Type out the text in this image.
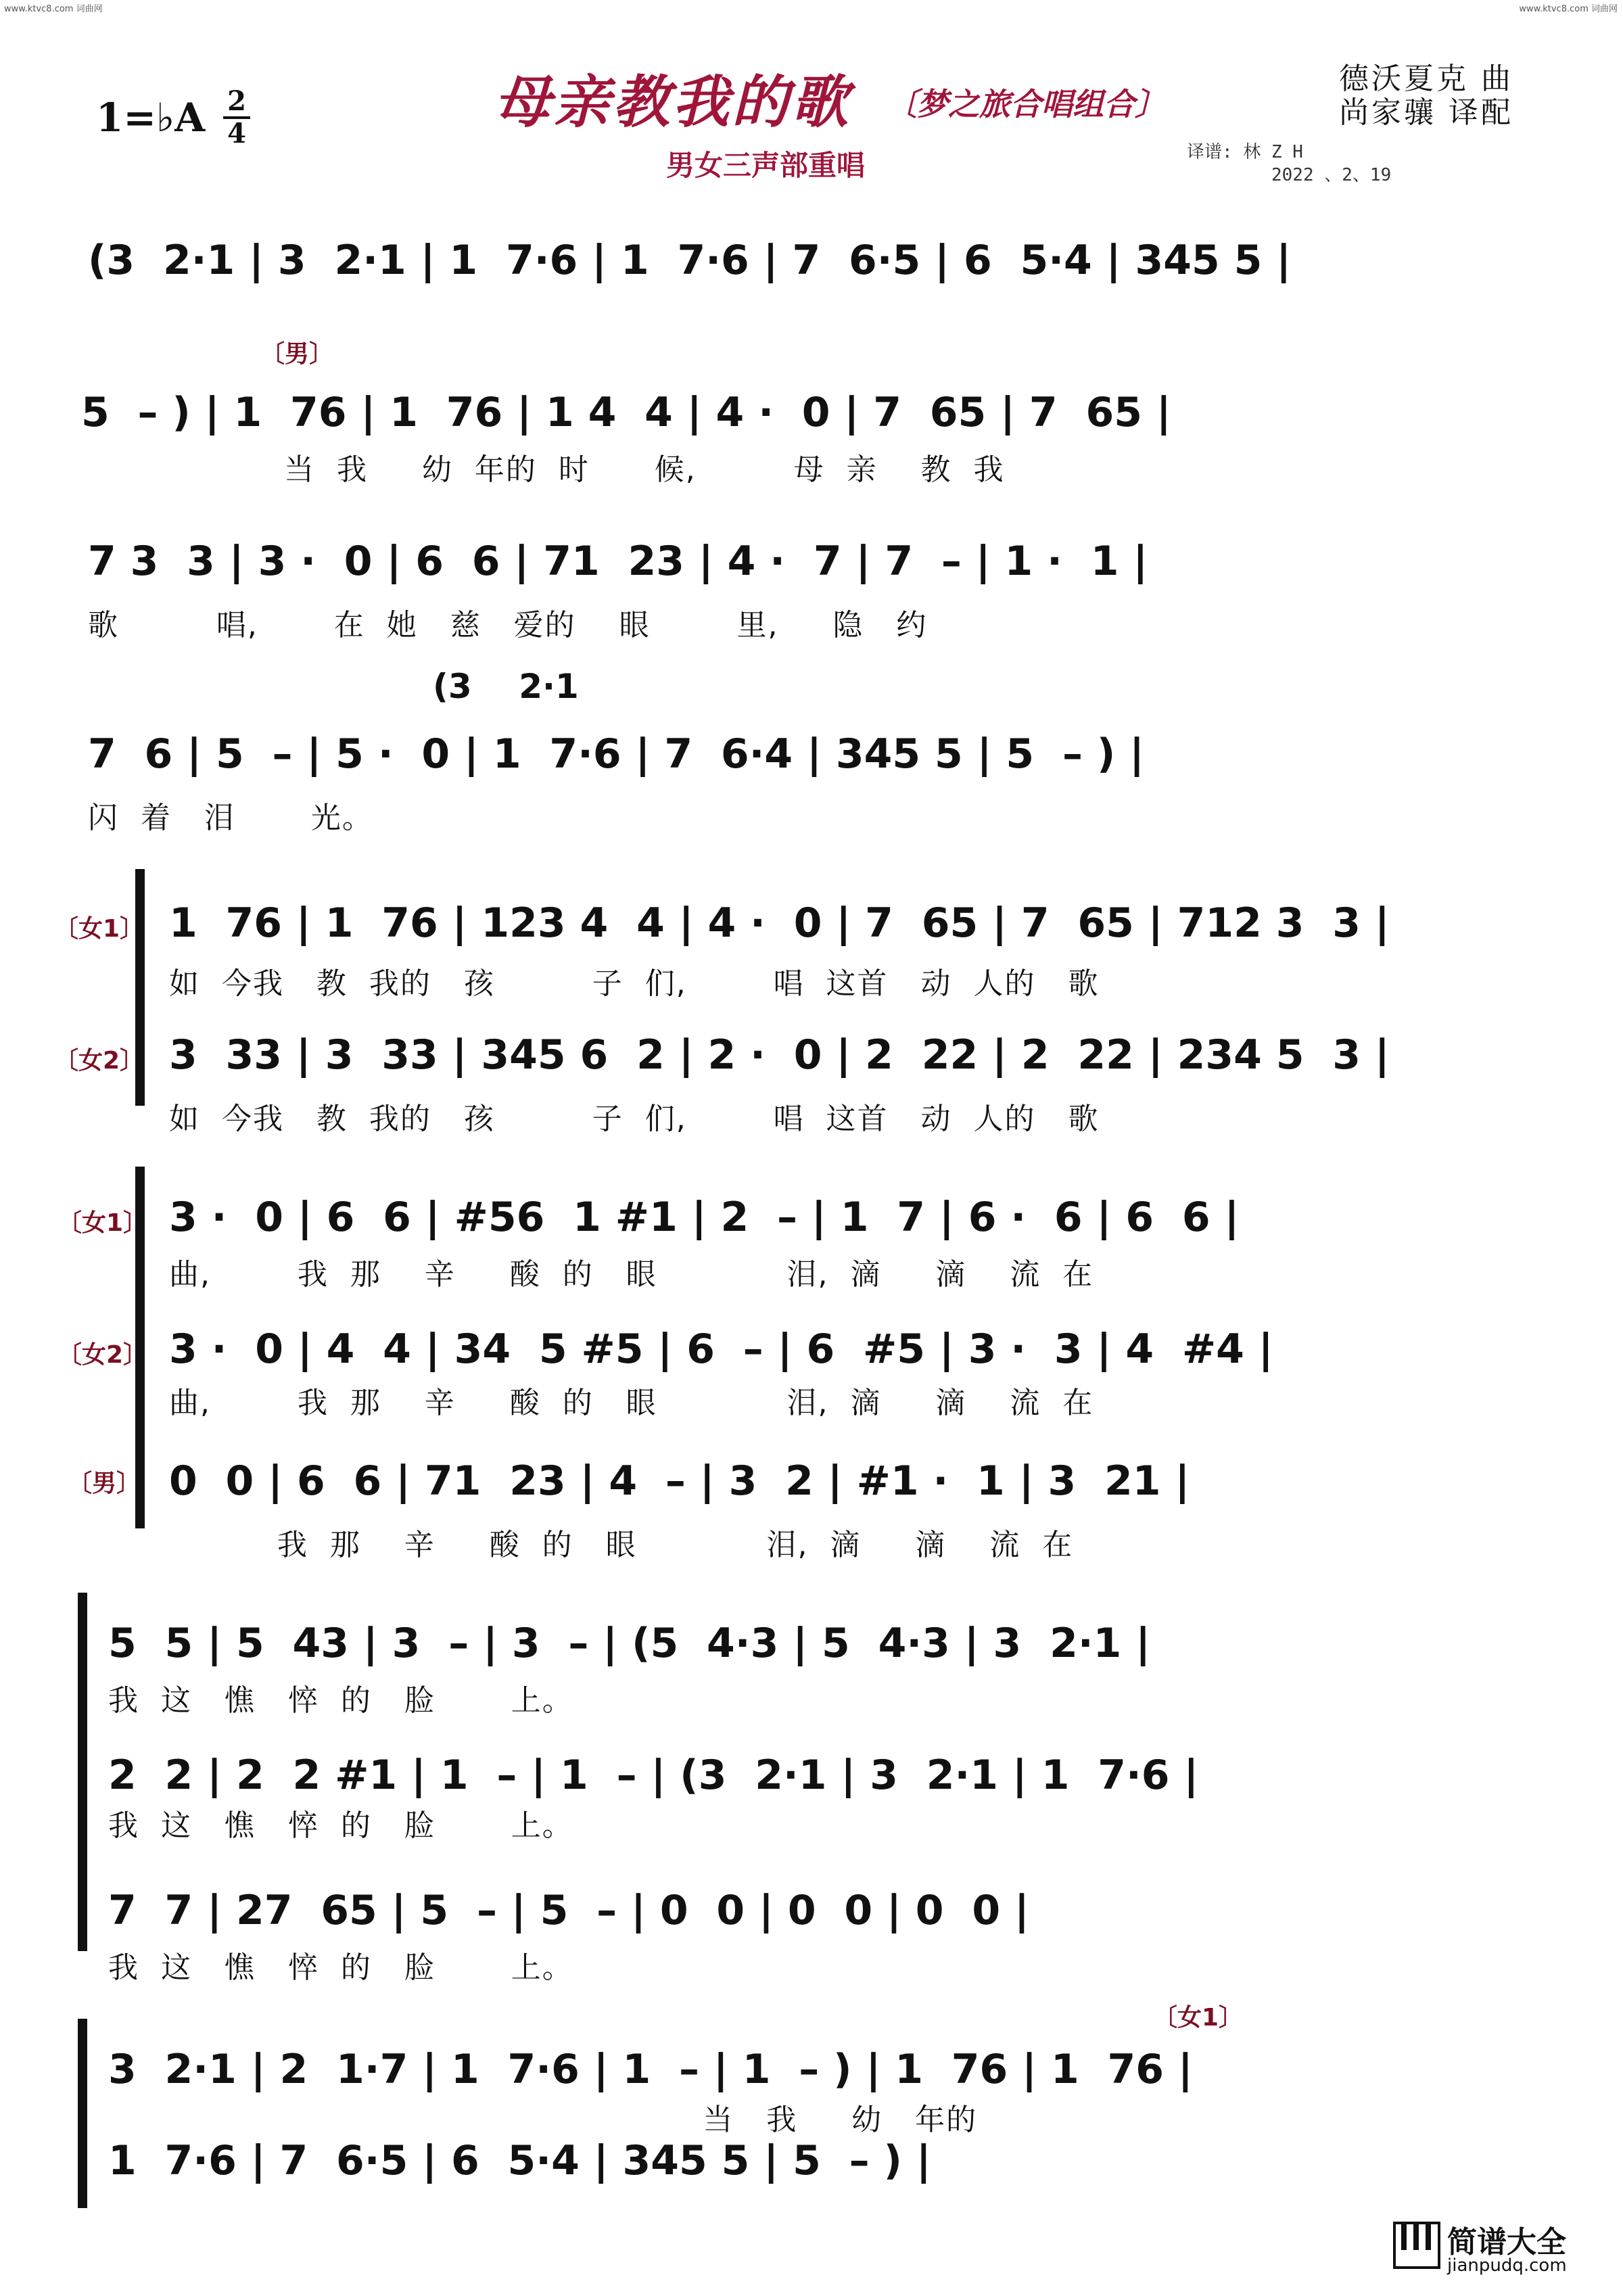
www.ktvc8.com 词曲网	www.ktvc8.com 词曲网
1=♭A $\frac{2}{4}$	母亲教我的歌 〔梦之旅合唱组合〕
男女三声部重唱
德沃夏克 曲
尚家骧 译配
译谱: 林 Z H
2022 、2、19
(3  2·1 | 3  2·1 | 1  7·6 | 1  7·6 | 7  6·5 | 6  5·4 | 345 5 |
〔男〕
5  – ) | 1  76 | 1  76 | 1 4  4 | 4 ·  0 | 7  65 | 7  65 |
当  我     幼  年的  时      候,         母  亲    教  我
7 3  3 | 3 ·  0 | 6  6 | 71  23 | 4 ·  7 | 7  – | 1 ·  1 |
歌         唱,       在  她   慈   爱的    眼        里,     隐   约
(3    2·1
7  6 | 5  – | 5 ·  0 | 1  7·6 | 7  6·4 | 345 5 | 5  – ) |
闪  着   泪       光。
〔女1〕
〔女2〕
1  76 | 1  76 | 123 4  4 | 4 ·  0 | 7  65 | 7  65 | 712 3  3 |
如  今我   教  我的   孩         子  们,        唱  这首   动  人的   歌
3  33 | 3  33 | 345 6  2 | 2 ·  0 | 2  22 | 2  22 | 234 5  3 |
如  今我   教  我的   孩         子  们,        唱  这首   动  人的   歌
〔女1〕
〔女2〕
〔男〕
3 ·  0 | 6  6 | #56  1 #1 | 2  – | 1  7 | 6 ·  6 | 6  6 |
曲,        我  那    辛     酸  的   眼            泪,  滴     滴    流  在
3 ·  0 | 4  4 | 34  5 #5 | 6  – | 6  #5 | 3 ·  3 | 4  #4 |
曲,        我  那    辛     酸  的   眼            泪,  滴     滴    流  在
0  0 | 6  6 | 71  23 | 4  – | 3  2 | #1 ·  1 | 3  21 |
我  那    辛     酸  的   眼            泪,  滴     滴    流  在
5  5 | 5  43 | 3  – | 3  – | (5  4·3 | 5  4·3 | 3  2·1 |
我  这   憔   悴  的   脸       上。
2  2 | 2  2 #1 | 1  – | 1  – | (3  2·1 | 3  2·1 | 1  7·6 |
我  这   憔   悴  的   脸       上。
7  7 | 27  65 | 5  – | 5  – | 0  0 | 0  0 | 0  0 |
我  这   憔   悴  的   脸       上。
〔女1〕
3  2·1 | 2  1·7 | 1  7·6 | 1  – | 1  – ) | 1  76 | 1  76 |
当   我     幼   年的
1  7·6 | 7  6·5 | 6  5·4 | 345 5 | 5  – ) |
简谱大全
jianpudq.com
